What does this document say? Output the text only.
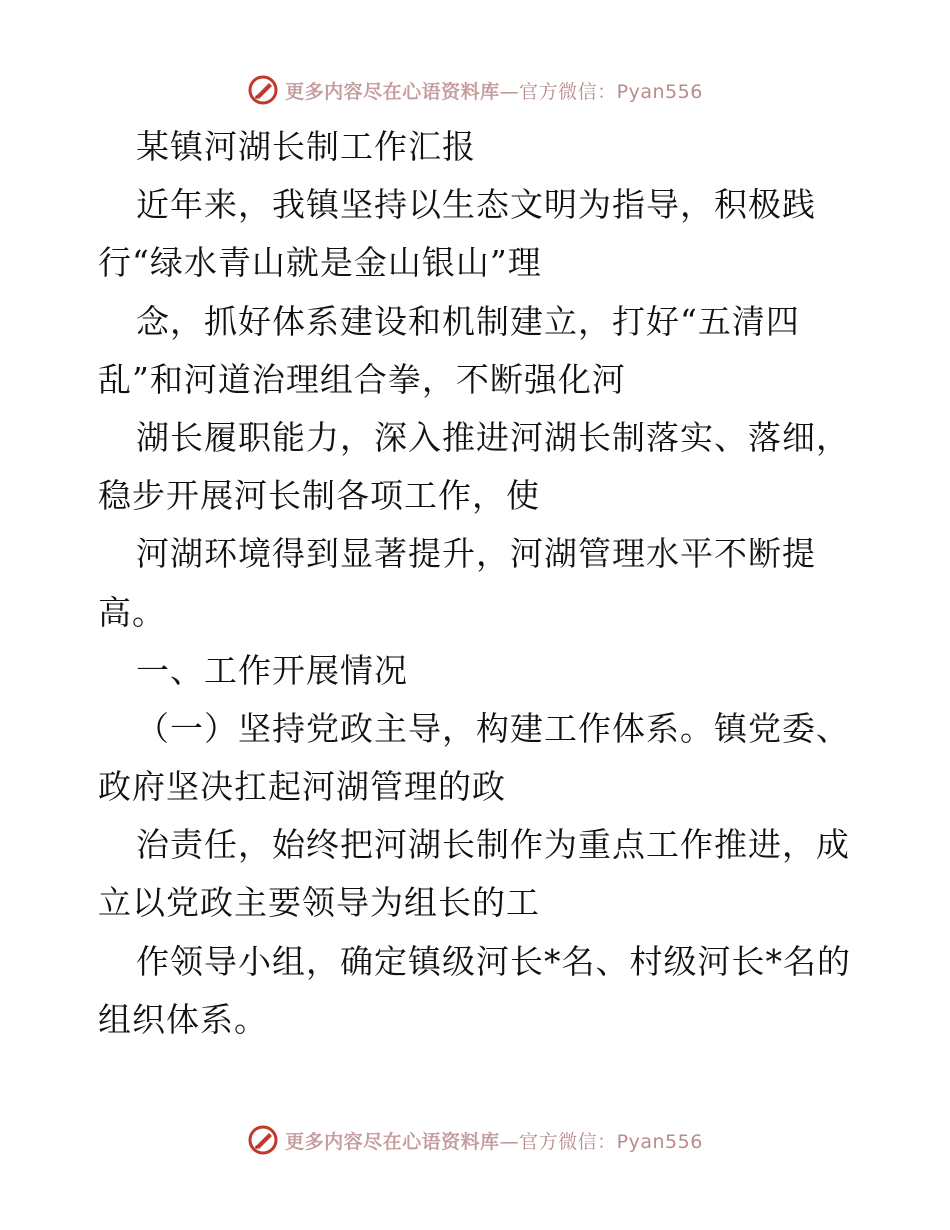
更多内容尽在心语资料库—官方微信：Pyan556
某镇河湖长制工作汇报
近年来，我镇坚持以生态文明为指导，积极践
行“绿水青山就是金山银山”理
念，抓好体系建设和机制建立，打好“五清四
乱”和河道治理组合拳，不断强化河
湖长履职能力，深入推进河湖长制落实、落细，
稳步开展河长制各项工作，使
河湖环境得到显著提升，河湖管理水平不断提
高。
一、工作开展情况
（一）坚持党政主导，构建工作体系。镇党委、
政府坚决扛起河湖管理的政
治责任，始终把河湖长制作为重点工作推进，成
立以党政主要领导为组长的工
作领导小组，确定镇级河长*名、村级河长*名的
组织体系。
更多内容尽在心语资料库—官方微信：Pyan556
